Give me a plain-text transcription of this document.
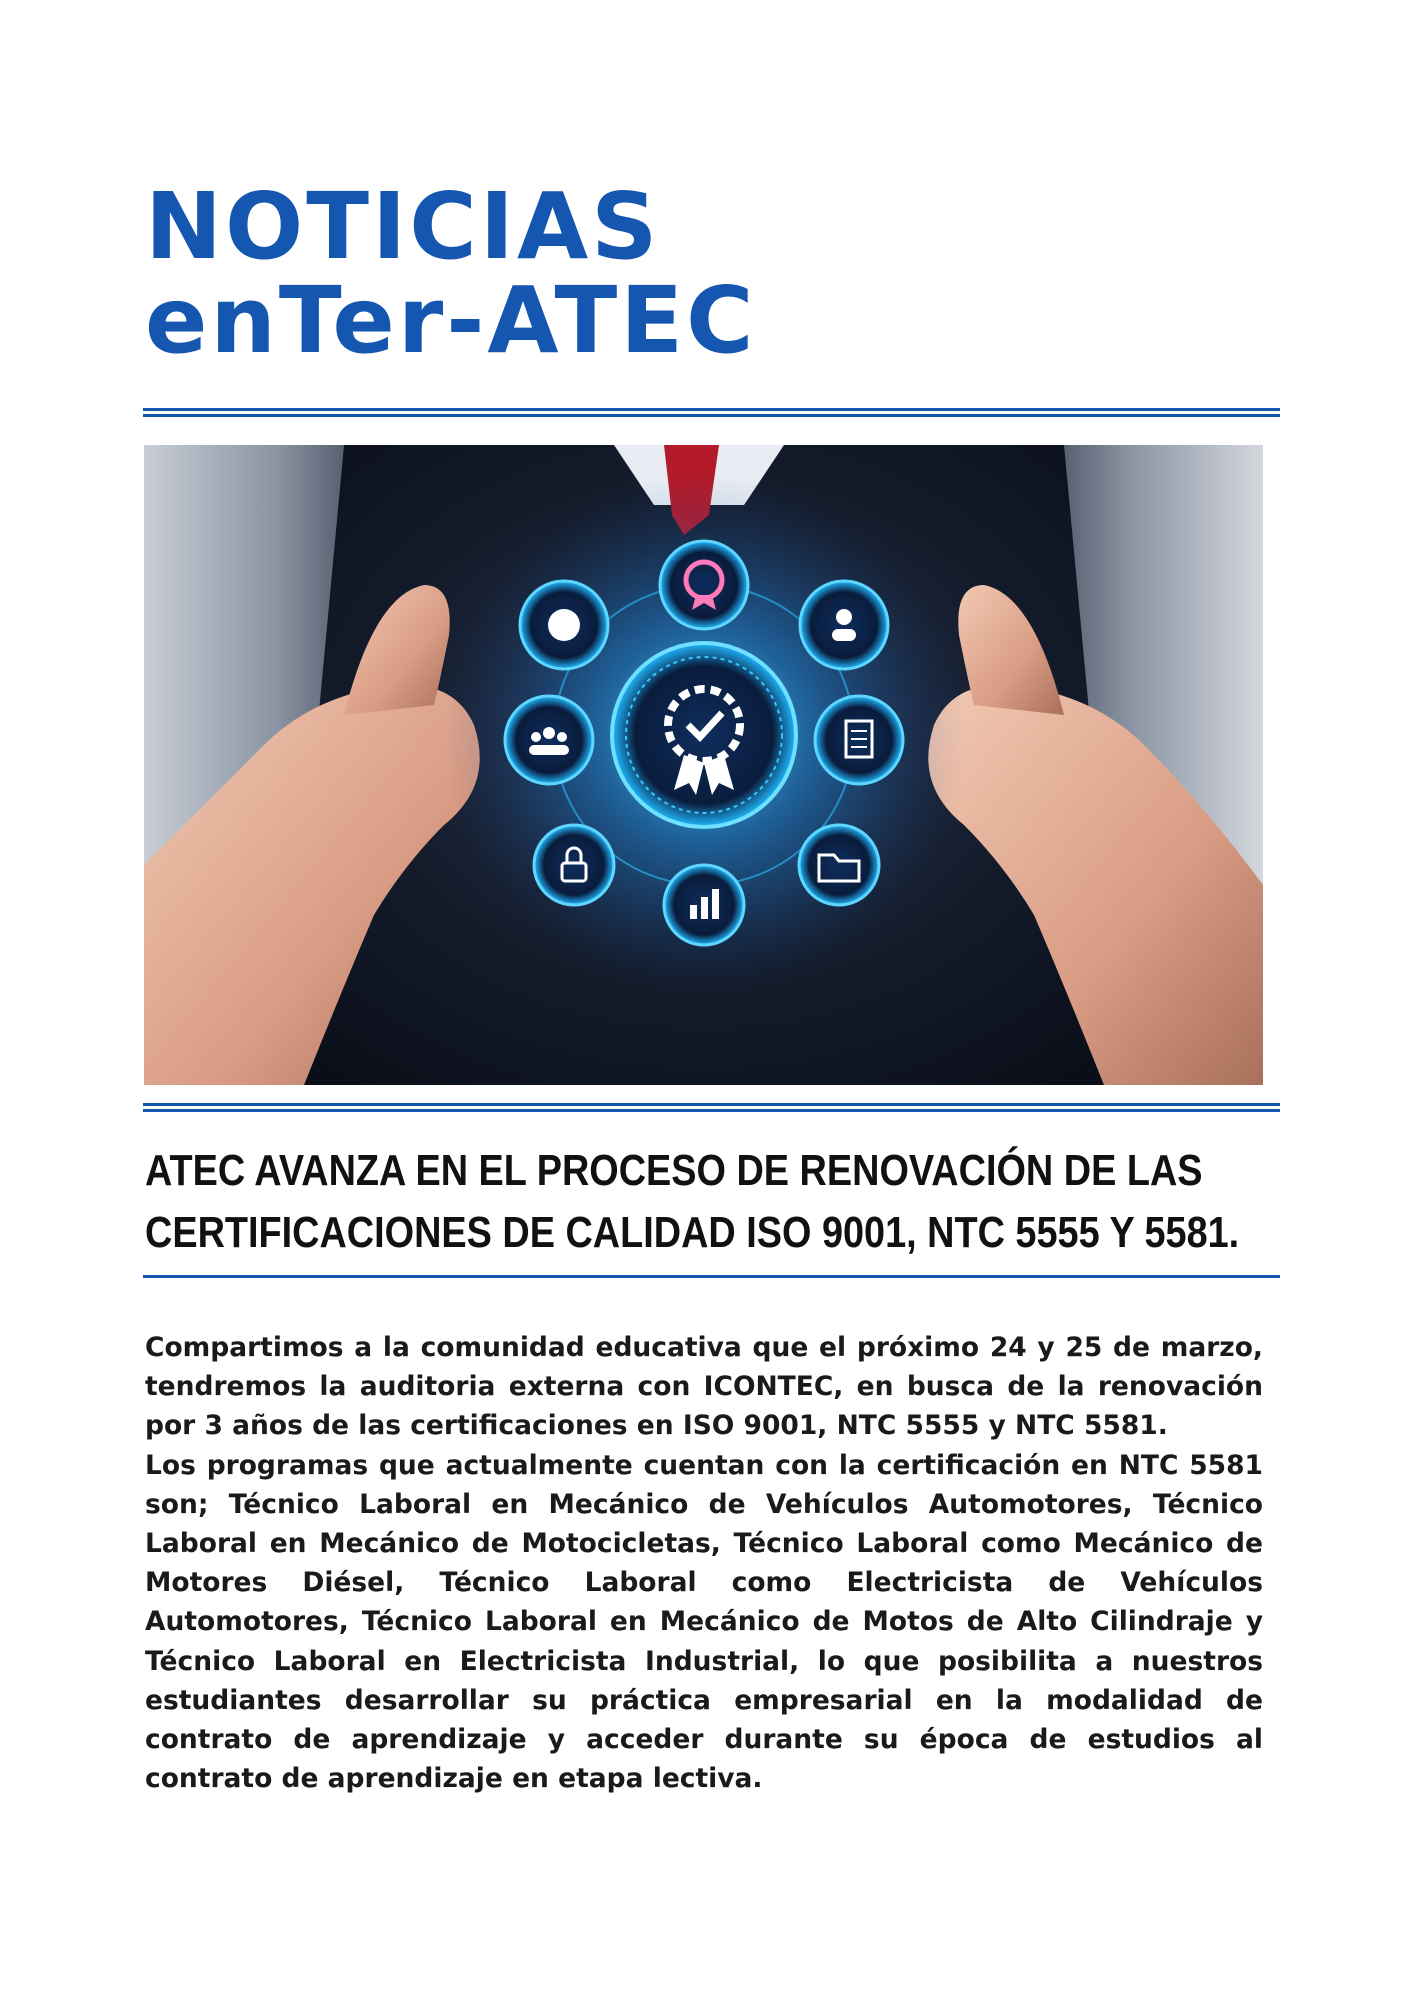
NOTICIAS
enTer-ATEC
ATEC AVANZA EN EL PROCESO DE RENOVACIÓN DE LAS
CERTIFICACIONES DE CALIDAD ISO 9001, NTC 5555 Y 5581.

Compartimos a la comunidad educativa que el próximo 24 y 25 de marzo, tendremos la auditoria externa con ICONTEC, en busca de la renovación por 3 años de las certificaciones en ISO 9001, NTC 5555 y NTC 5581.

Los programas que actualmente cuentan con la certificación en NTC 5581 son; Técnico Laboral en Mecánico de Vehículos Automotores, Técnico Laboral en Mecánico de Motocicletas, Técnico Laboral como Mecánico de Motores Diésel, Técnico Laboral como Electricista de Vehículos Automotores, Técnico Laboral en Mecánico de Motos de Alto Cilindraje y Técnico Laboral en Electricista Industrial, lo que posibilita a nuestros estudiantes desarrollar su práctica empresarial en la modalidad de contrato de aprendizaje y acceder durante su época de estudios al contrato de aprendizaje en etapa lectiva.
